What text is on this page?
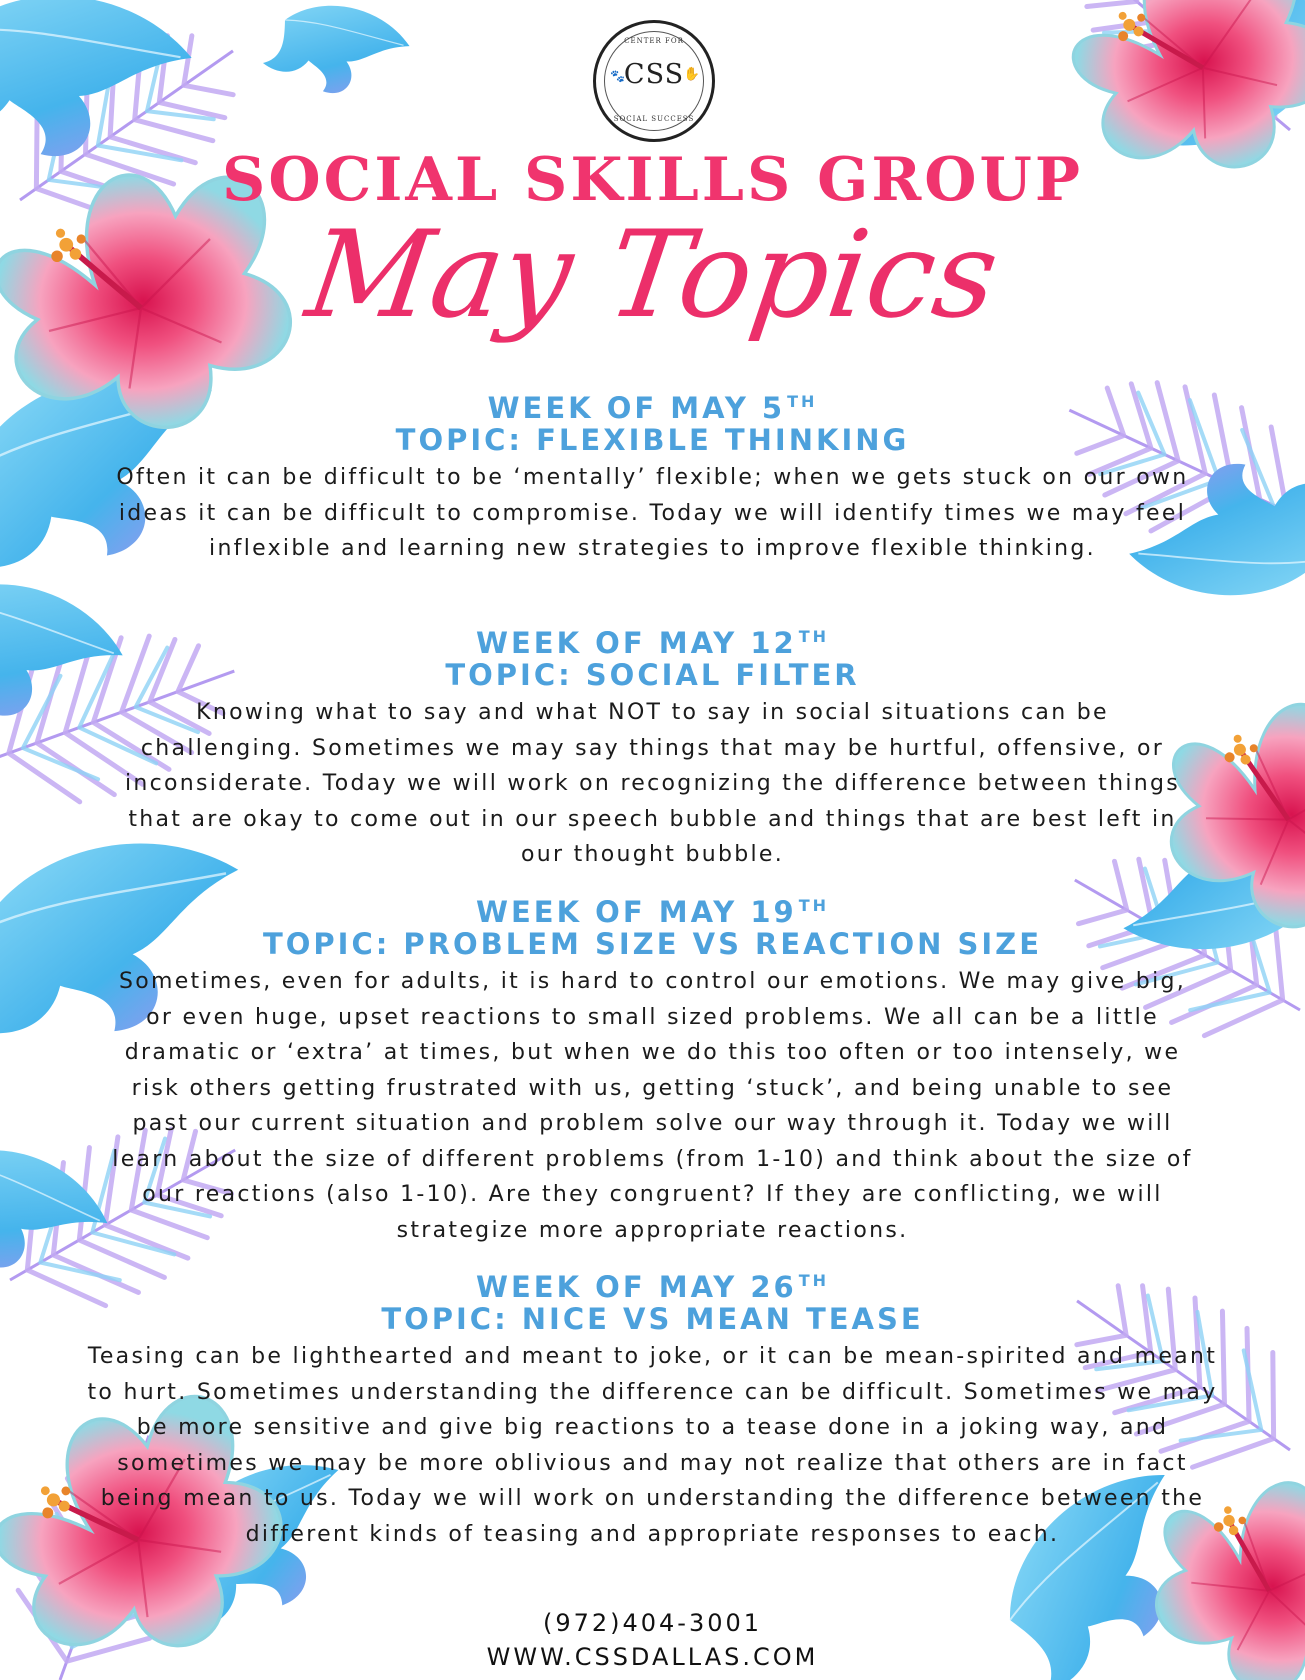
CENTER FOR
🐾
CSS ✋
SOCIAL SUCCESS
SOCIAL SKILLS GROUP
May Topics
WEEK OF MAY 5 $^{TH}$
TOPIC: FLEXIBLE THINKING
Often it can be difficult to be ‘mentally’ flexible; when we gets stuck on our own ideas it can be difficult to compromise. Today we will identify times we may feel inflexible and learning new strategies to improve flexible thinking.
WEEK OF MAY 12 $^{TH}$
TOPIC: SOCIAL FILTER
Knowing what to say and what NOT to say in social situations can be challenging. Sometimes we may say things that may be hurtful, offensive, or inconsiderate. Today we will work on recognizing the difference between things that are okay to come out in our speech bubble and things that are best left in our thought bubble.
WEEK OF MAY 19 $^{TH}$
TOPIC: PROBLEM SIZE VS REACTION SIZE
Sometimes, even for adults, it is hard to control our emotions. We may give big, or even huge, upset reactions to small sized problems. We all can be a little dramatic or ‘extra’ at times, but when we do this too often or too intensely, we risk others getting frustrated with us, getting ‘stuck’, and being unable to see past our current situation and problem solve our way through it. Today we will learn about the size of different problems (from 1-10) and think about the size of our reactions (also 1-10). Are they congruent? If they are conflicting, we will strategize more appropriate reactions.
WEEK OF MAY 26 $^{TH}$
TOPIC: NICE VS MEAN TEASE
Teasing can be lighthearted and meant to joke, or it can be mean-spirited and meant to hurt. Sometimes understanding the difference can be difficult. Sometimes we may be more sensitive and give big reactions to a tease done in a joking way, and sometimes we may be more oblivious and may not realize that others are in fact being mean to us. Today we will work on understanding the difference between the different kinds of teasing and appropriate responses to each.
(972)404-3001
WWW.CSSDALLAS.COM
